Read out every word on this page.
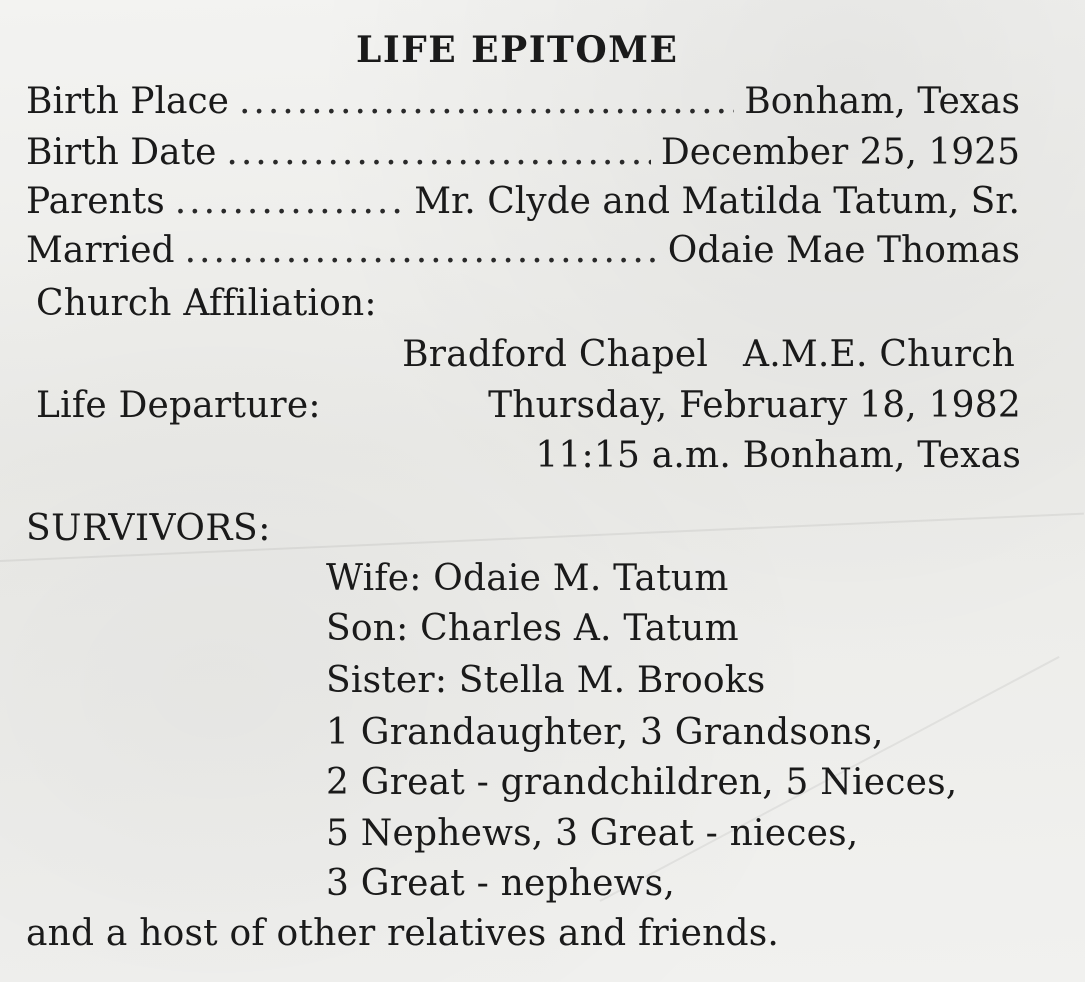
LIFE EPITOME
Birth Place .....	Bonham, Texas
Birth Date .....	December 25, 1925
Parents .....	Mr. Clyde and Matilda Tatum, Sr.
Married .....	Odaie Mae Thomas
Church Affiliation:
Bradford Chapel   A.M.E. Church
Life Departure:	Thursday, February 18, 1982
11:15 a.m. Bonham, Texas
SURVIVORS:
Wife: Odaie M. Tatum
Son: Charles A. Tatum
Sister: Stella M. Brooks
1 Grandaughter, 3 Grandsons,
2 Great - grandchildren, 5 Nieces,
5 Nephews, 3 Great - nieces,
3 Great - nephews,
and a host of other relatives and friends.
